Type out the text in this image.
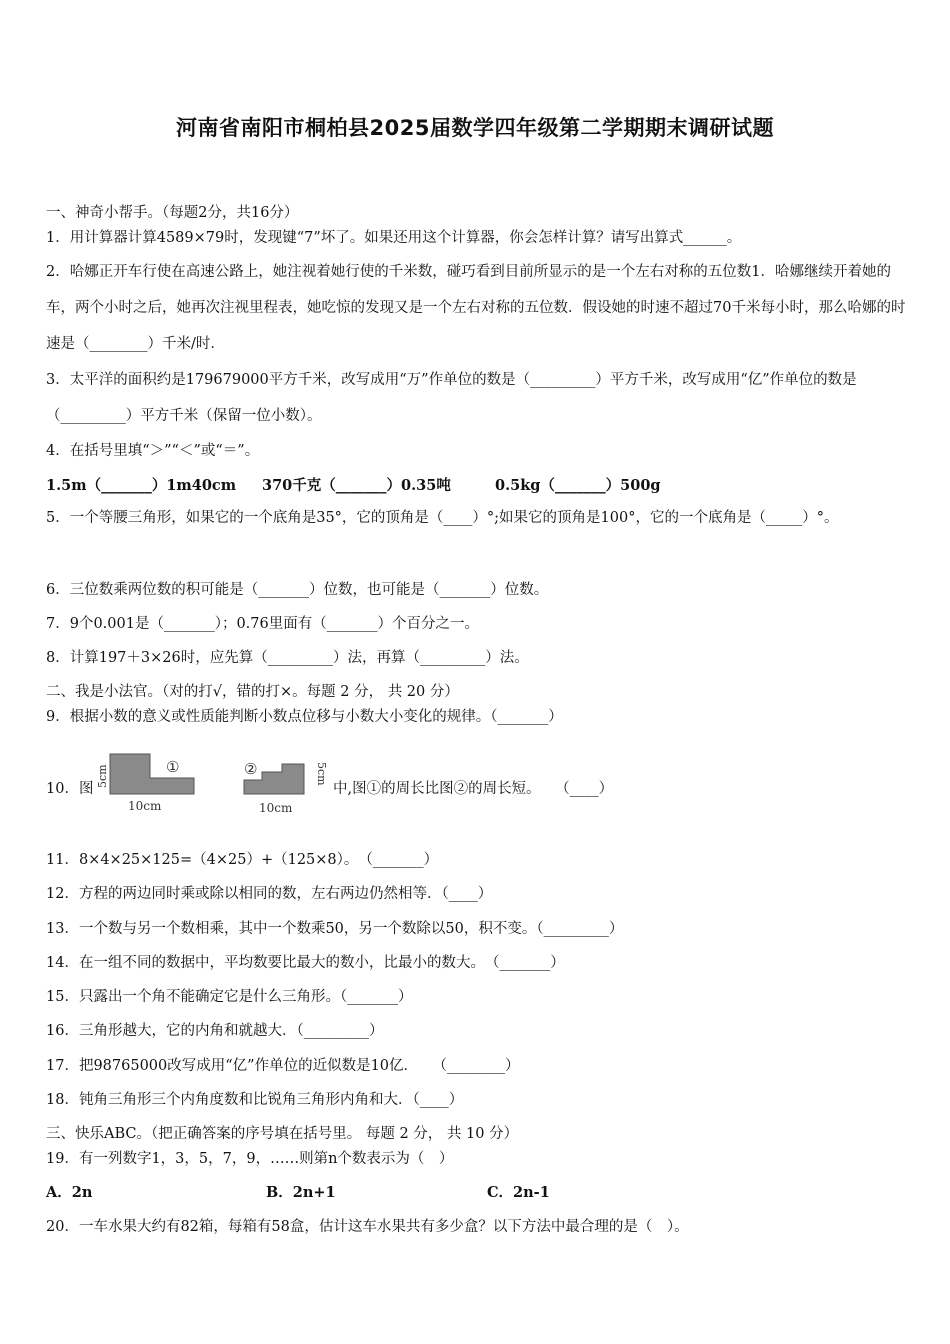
河南省南阳市桐柏县2025届数学四年级第二学期期末调研试题
一、神奇小帮手。（每题2分，共16分）
1．用计算器计算4589×79时，发现键“7”坏了。如果还用这个计算器，你会怎样计算？请写出算式______。
2．哈娜正开车行使在高速公路上，她注视着她行使的千米数，碰巧看到目前所显示的是一个左右对称的五位数1．哈娜继续开着她的车，两个小时之后，她再次注视里程表，她吃惊的发现又是一个左右对称的五位数．假设她的时速不超过70千米每小时，那么哈娜的时速是（________）千米/时．
3．太平洋的面积约是179679000平方千米，改写成用“万”作单位的数是（_________）平方千米，改写成用“亿”作单位的数是（_________）平方千米（保留一位小数）。
4．在括号里填“＞”“＜”或“＝”。
1.5m（_______）1m40cm 370千克（_______）0.35吨	0.5kg（_______）500g
5．一个等腰三角形，如果它的一个底角是35°，它的顶角是（____）°;如果它的顶角是100°，它的一个底角是（_____）°。
6．三位数乘两位数的积可能是（_______）位数，也可能是（_______）位数。
7．9个0.001是（_______）；0.76里面有（_______）个百分之一。
8．计算197＋3×26时，应先算（_________）法，再算（_________）法。
二、我是小法官。（对的打√，错的打×。每题 2 分， 共 20 分）
9．根据小数的意义或性质能判断小数点位移与小数大小变化的规律。（_______）
10．图
①
10cm
5cm	②
10cm
5cm
中,图①的周长比图②的周长短。　　（____）
11．8×4×25×125=（4×25）+（125×8）。　（_______）
12．方程的两边同时乘或除以相同的数，左右两边仍然相等．（____）
13．一个数与另一个数相乘，其中一个数乘50，另一个数除以50，积不变。（_________）
14．在一组不同的数据中，平均数要比最大的数小，比最小的数大。　（_______）
15．只露出一个角不能确定它是什么三角形。（_______）
16．三角形越大，它的内角和就越大．（_________）
17．把98765000改写成用“亿”作单位的近似数是10亿．　　（________）
18．钝角三角形三个内角度数和比锐角三角形内角和大．（____）
三、快乐ABC。（把正确答案的序号填在括号里。 每题 2 分， 共 10 分）
19．有一列数字1，3，5，7，9，……则第n个数表示为（　）
A．2n	B．2n+1	C．2n-1
20．一车水果大约有82箱，每箱有58盒，估计这车水果共有多少盒？以下方法中最合理的是（　）。
